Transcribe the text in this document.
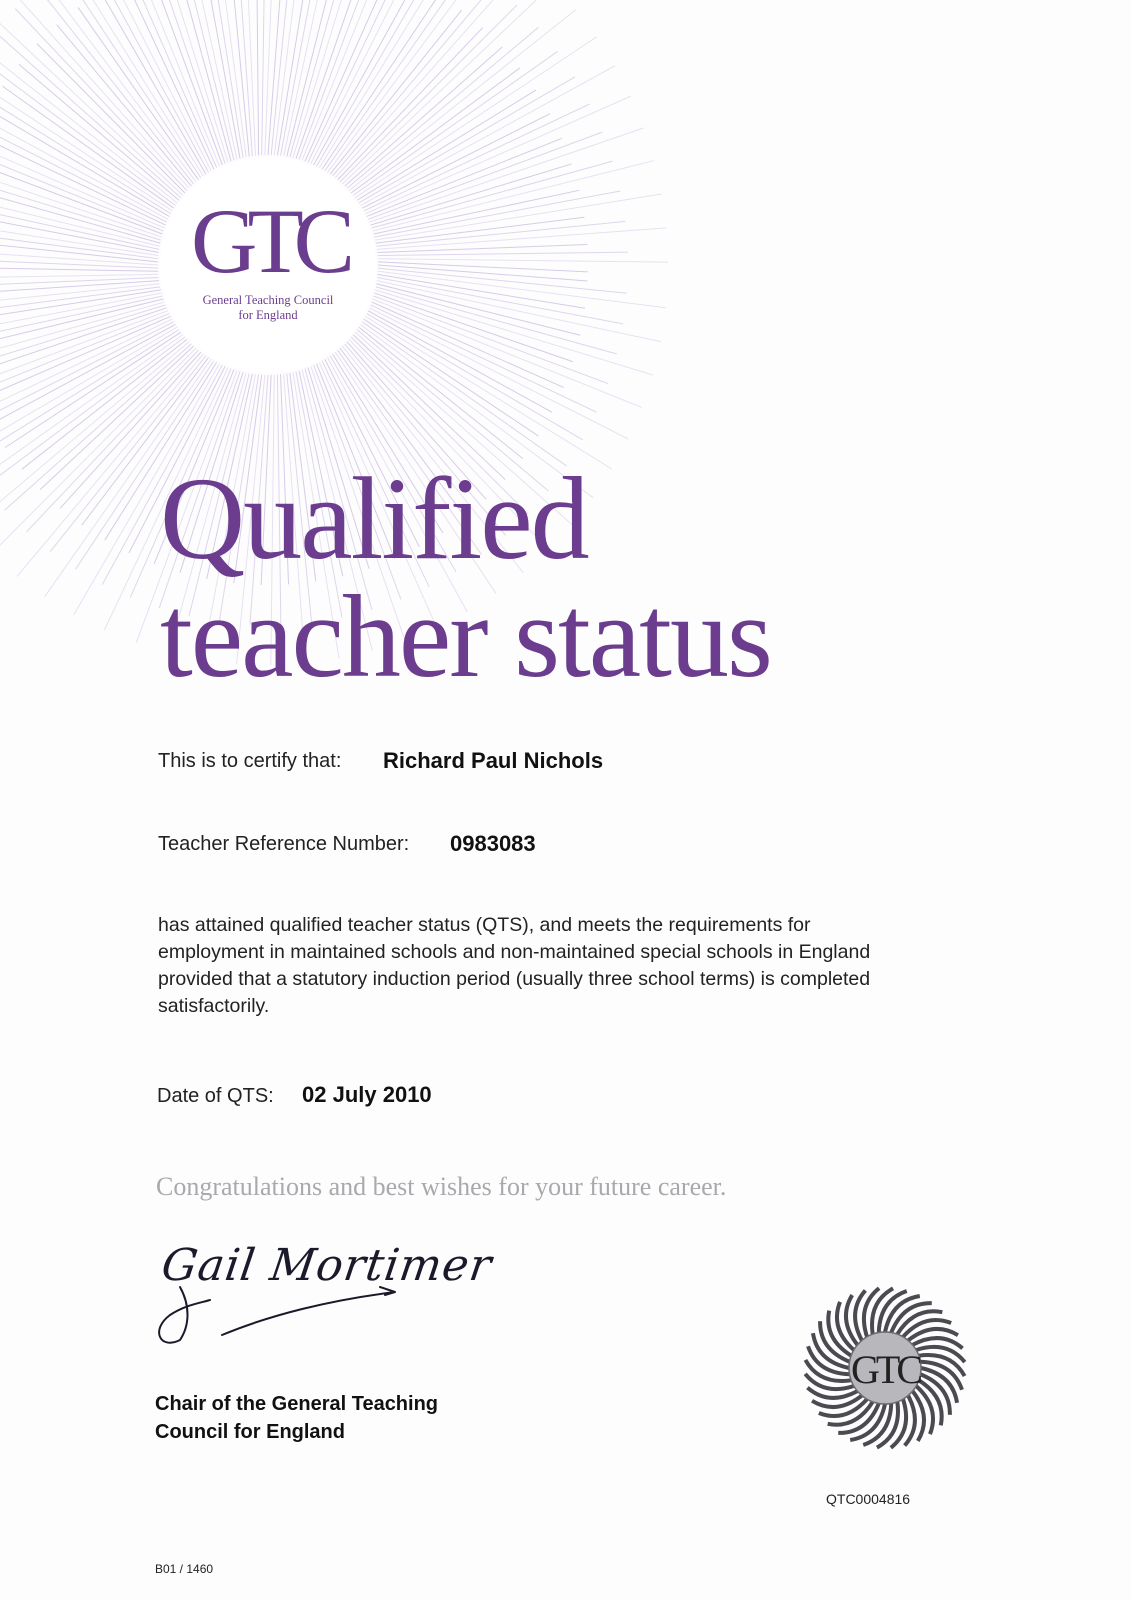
GTC
General Teaching Council
for England
Qualified
teacher status
This is to certify that: Richard Paul Nichols
Teacher Reference Number: 0983083
has attained qualified teacher status (QTS), and meets the requirements for employment in maintained schools and non-maintained special schools in England provided that a statutory induction period (usually three school terms) is completed satisfactorily.
Date of QTS: 02 July 2010
Congratulations and best wishes for your future career.
Gail Mortimer
Chair of the General Teaching
Council for England
GTC
QTC0004816
B01 / 1460
